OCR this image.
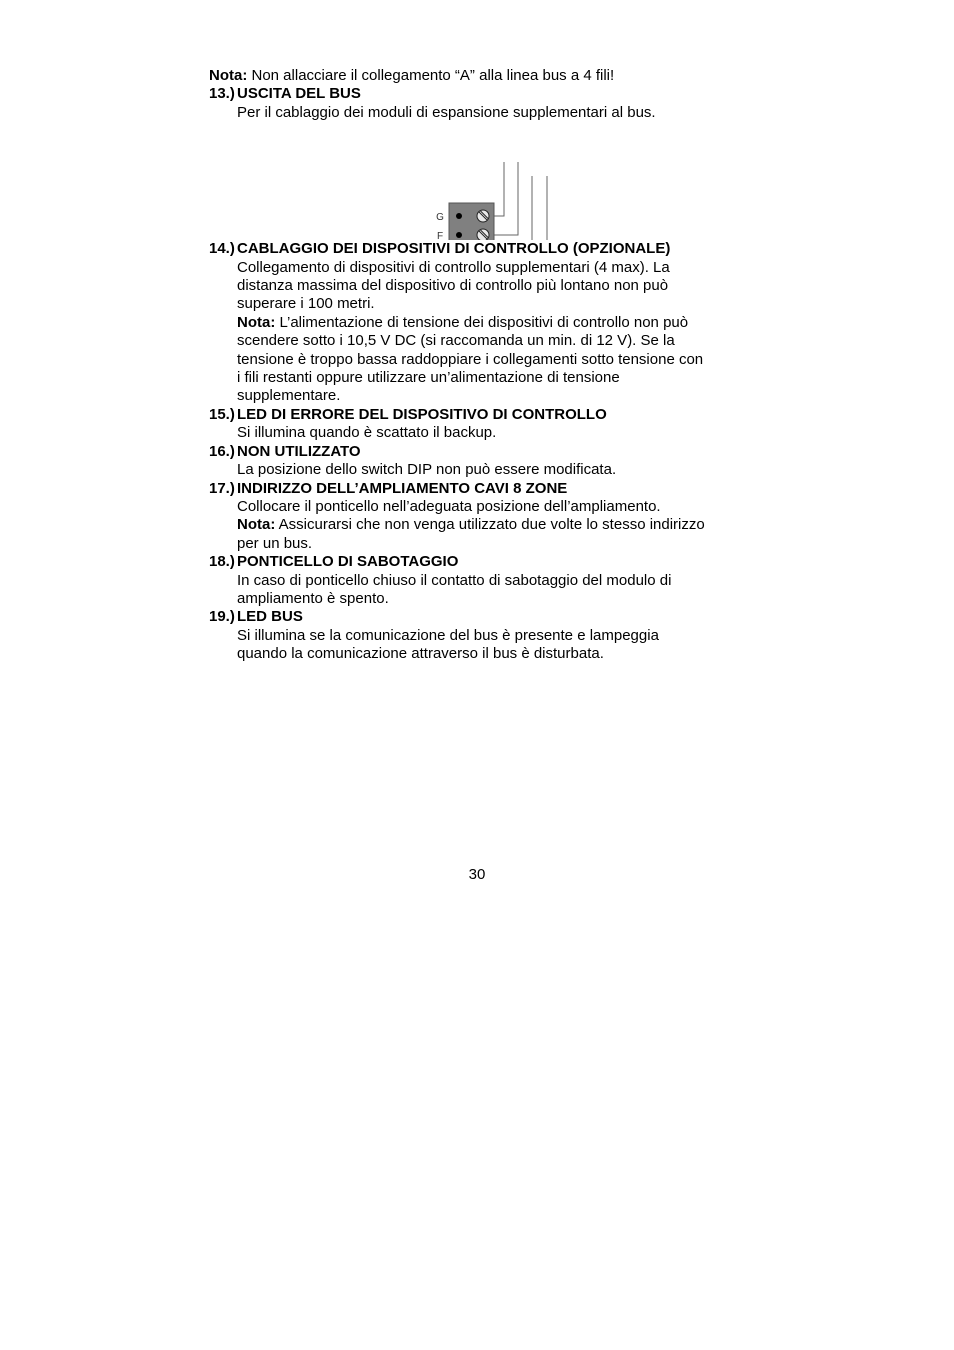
Nota: Non allacciare il collegamento “A” alla linea bus a 4 fili!
13.) USCITA DEL BUS
Per il cablaggio dei moduli di espansione supplementari al bus.
G
F
14.) CABLAGGIO DEI DISPOSITIVI DI CONTROLLO (OPZIONALE)
Collegamento di dispositivi di controllo supplementari (4 max). La
distanza massima del dispositivo di controllo più lontano non può
superare i 100 metri.
Nota: L’alimentazione di tensione dei dispositivi di controllo non può
scendere sotto i 10,5 V DC (si raccomanda un min. di 12 V). Se la
tensione è troppo bassa raddoppiare i collegamenti sotto tensione con
i fili restanti oppure utilizzare un’alimentazione di tensione
supplementare.
15.) LED DI ERRORE DEL DISPOSITIVO DI CONTROLLO
Si illumina quando è scattato il backup.
16.) NON UTILIZZATO
La posizione dello switch DIP non può essere modificata.
17.) INDIRIZZO DELL’AMPLIAMENTO CAVI 8 ZONE
Collocare il ponticello nell’adeguata posizione dell’ampliamento.
Nota: Assicurarsi che non venga utilizzato due volte lo stesso indirizzo
per un bus.
18.) PONTICELLO DI SABOTAGGIO
In caso di ponticello chiuso il contatto di sabotaggio del modulo di
ampliamento è spento.
19.) LED BUS
Si illumina se la comunicazione del bus è presente e lampeggia
quando la comunicazione attraverso il bus è disturbata.
30
